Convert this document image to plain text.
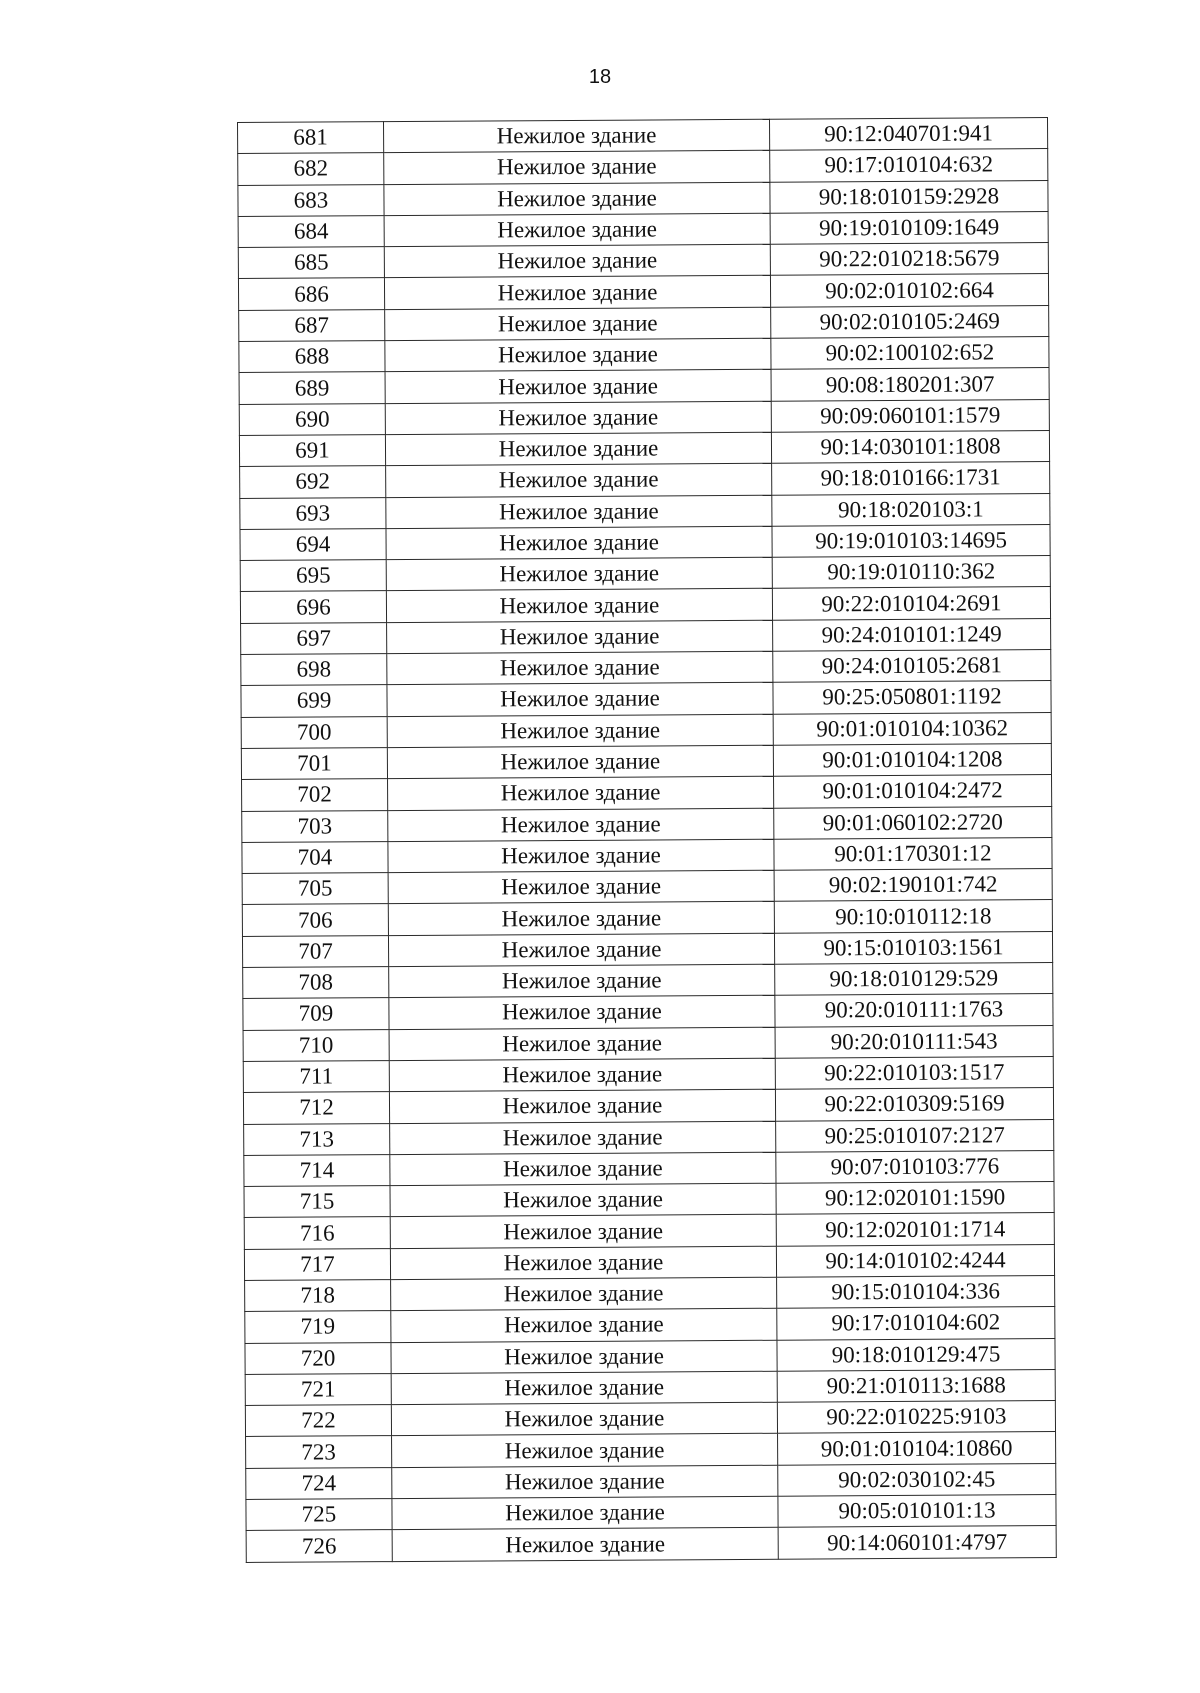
18
681	Нежилое здание	90:12:040701:941
682	Нежилое здание	90:17:010104:632
683	Нежилое здание	90:18:010159:2928
684	Нежилое здание	90:19:010109:1649
685	Нежилое здание	90:22:010218:5679
686	Нежилое здание	90:02:010102:664
687	Нежилое здание	90:02:010105:2469
688	Нежилое здание	90:02:100102:652
689	Нежилое здание	90:08:180201:307
690	Нежилое здание	90:09:060101:1579
691	Нежилое здание	90:14:030101:1808
692	Нежилое здание	90:18:010166:1731
693	Нежилое здание	90:18:020103:1
694	Нежилое здание	90:19:010103:14695
695	Нежилое здание	90:19:010110:362
696	Нежилое здание	90:22:010104:2691
697	Нежилое здание	90:24:010101:1249
698	Нежилое здание	90:24:010105:2681
699	Нежилое здание	90:25:050801:1192
700	Нежилое здание	90:01:010104:10362
701	Нежилое здание	90:01:010104:1208
702	Нежилое здание	90:01:010104:2472
703	Нежилое здание	90:01:060102:2720
704	Нежилое здание	90:01:170301:12
705	Нежилое здание	90:02:190101:742
706	Нежилое здание	90:10:010112:18
707	Нежилое здание	90:15:010103:1561
708	Нежилое здание	90:18:010129:529
709	Нежилое здание	90:20:010111:1763
710	Нежилое здание	90:20:010111:543
711	Нежилое здание	90:22:010103:1517
712	Нежилое здание	90:22:010309:5169
713	Нежилое здание	90:25:010107:2127
714	Нежилое здание	90:07:010103:776
715	Нежилое здание	90:12:020101:1590
716	Нежилое здание	90:12:020101:1714
717	Нежилое здание	90:14:010102:4244
718	Нежилое здание	90:15:010104:336
719	Нежилое здание	90:17:010104:602
720	Нежилое здание	90:18:010129:475
721	Нежилое здание	90:21:010113:1688
722	Нежилое здание	90:22:010225:9103
723	Нежилое здание	90:01:010104:10860
724	Нежилое здание	90:02:030102:45
725	Нежилое здание	90:05:010101:13
726	Нежилое здание	90:14:060101:4797
